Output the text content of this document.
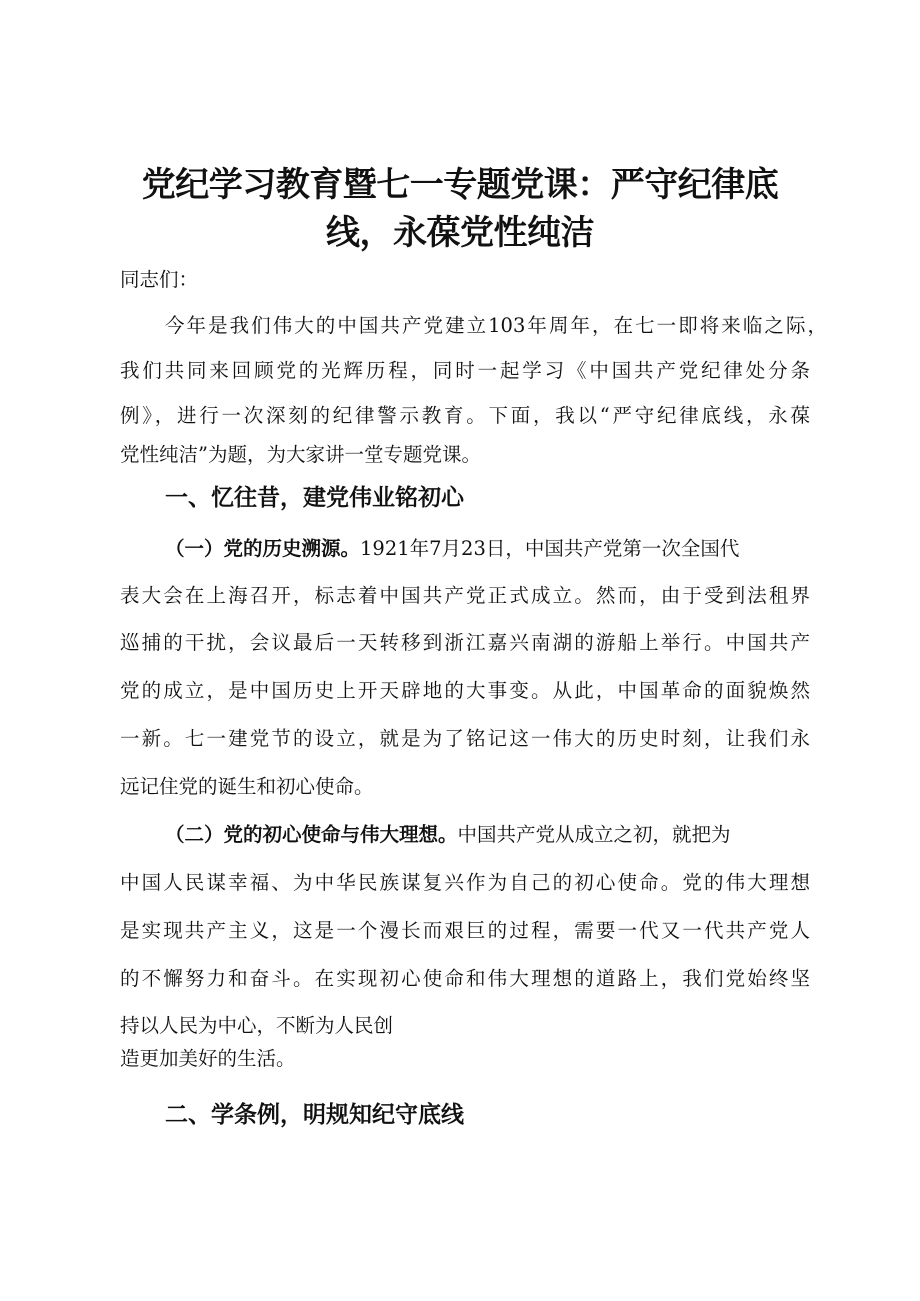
党纪学习教育暨七一专题党课：严守纪律底
线，永葆党性纯洁

同志们：

今年是我们伟大的中国共产党建立103年周年，在七一即将来临之际，

我们共同来回顾党的光辉历程，同时一起学习《中国共产党纪律处分条

例》，进行一次深刻的纪律警示教育。下面，我以“严守纪律底线，永葆

党性纯洁”为题，为大家讲一堂专题党课。

一、忆往昔，建党伟业铭初心

（一）党的历史溯源。1921年7月23日，中国共产党第一次全国代

表大会在上海召开，标志着中国共产党正式成立。然而，由于受到法租界

巡捕的干扰，会议最后一天转移到浙江嘉兴南湖的游船上举行。中国共产

党的成立，是中国历史上开天辟地的大事变。从此，中国革命的面貌焕然

一新。七一建党节的设立，就是为了铭记这一伟大的历史时刻，让我们永

远记住党的诞生和初心使命。

（二）党的初心使命与伟大理想。中国共产党从成立之初，就把为

中国人民谋幸福、为中华民族谋复兴作为自己的初心使命。党的伟大理想

是实现共产主义，这是一个漫长而艰巨的过程，需要一代又一代共产党人

的不懈努力和奋斗。在实现初心使命和伟大理想的道路上，我们党始终坚

持以人民为中心，不断为人民创

造更加美好的生活。

二、学条例，明规知纪守底线
